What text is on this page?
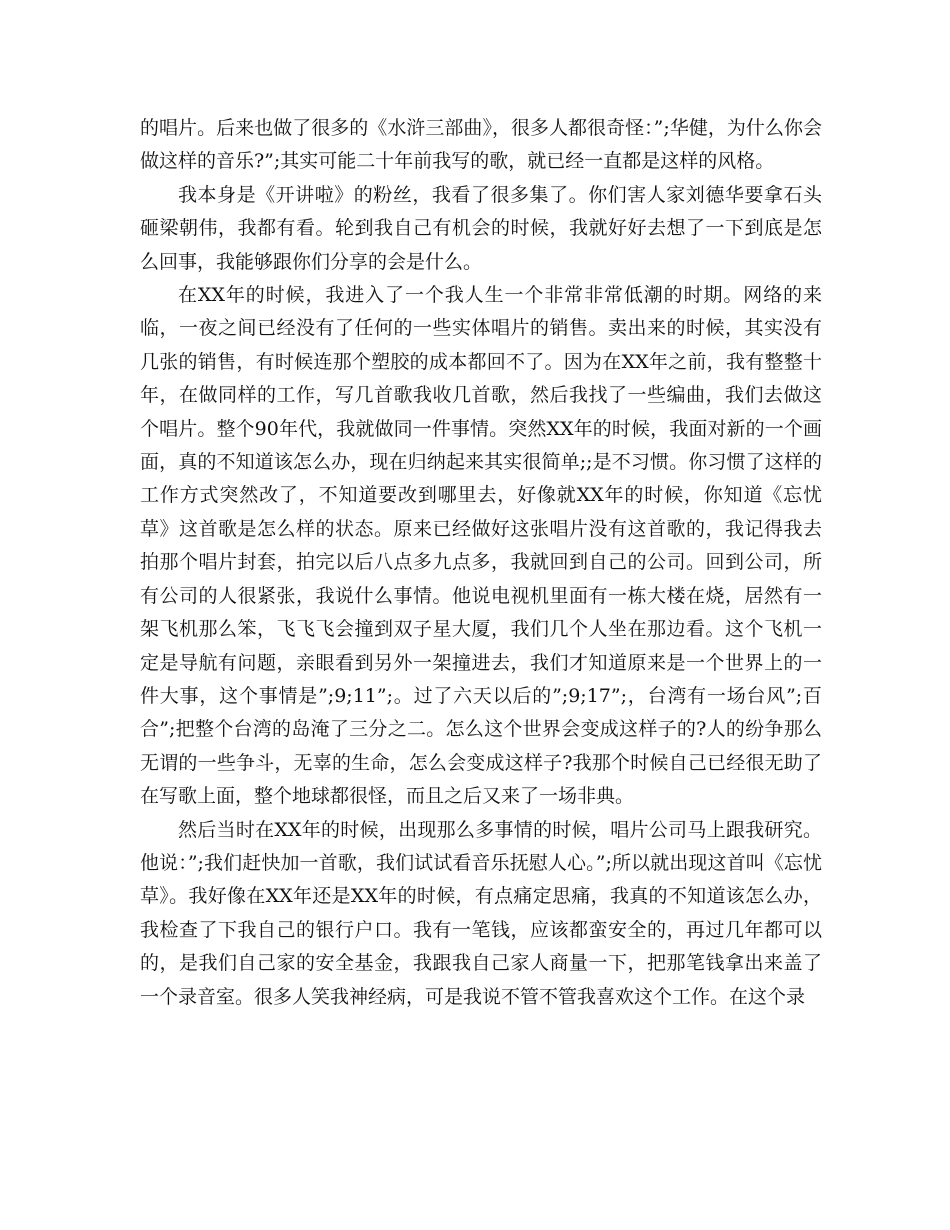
的唱片。后来也做了很多的《水浒三部曲》，很多人都很奇怪：”;华健，为什么你会做这样的音乐?”;其实可能二十年前我写的歌，就已经一直都是这样的风格。

我本身是《开讲啦》的粉丝，我看了很多集了。你们害人家刘德华要拿石头砸梁朝伟，我都有看。轮到我自己有机会的时候，我就好好去想了一下到底是怎么回事，我能够跟你们分享的会是什么。

在XX年的时候，我进入了一个我人生一个非常非常低潮的时期。网络的来临，一夜之间已经没有了任何的一些实体唱片的销售。卖出来的时候，其实没有几张的销售，有时候连那个塑胶的成本都回不了。因为在XX年之前，我有整整十年，在做同样的工作，写几首歌我收几首歌，然后我找了一些编曲，我们去做这个唱片。整个90年代，我就做同一件事情。突然XX年的时候，我面对新的一个画面，真的不知道该怎么办，现在归纳起来其实很简单;;是不习惯。你习惯了这样的工作方式突然改了，不知道要改到哪里去，好像就XX年的时候，你知道《忘忧草》这首歌是怎么样的状态。原来已经做好这张唱片没有这首歌的，我记得我去拍那个唱片封套，拍完以后八点多九点多，我就回到自己的公司。回到公司，所有公司的人很紧张，我说什么事情。他说电视机里面有一栋大楼在烧，居然有一架飞机那么笨，飞飞飞会撞到双子星大厦，我们几个人坐在那边看。这个飞机一定是导航有问题，亲眼看到另外一架撞进去，我们才知道原来是一个世界上的一件大事，这个事情是”;9;11”;。过了六天以后的”;9;17”;，台湾有一场台风”;百合”;把整个台湾的岛淹了三分之二。怎么这个世界会变成这样子的?人的纷争那么无谓的一些争斗，无辜的生命，怎么会变成这样子?我那个时候自己已经很无助了在写歌上面，整个地球都很怪，而且之后又来了一场非典。

然后当时在XX年的时候，出现那么多事情的时候，唱片公司马上跟我研究。他说：”;我们赶快加一首歌，我们试试看音乐抚慰人心。”;所以就出现这首叫《忘忧草》。我好像在XX年还是XX年的时候，有点痛定思痛，我真的不知道该怎么办，我检查了下我自己的银行户口。我有一笔钱，应该都蛮安全的，再过几年都可以的，是我们自己家的安全基金，我跟我自己家人商量一下，把那笔钱拿出来盖了一个录音室。很多人笑我神经病，可是我说不管不管我喜欢这个工作。在这个录
